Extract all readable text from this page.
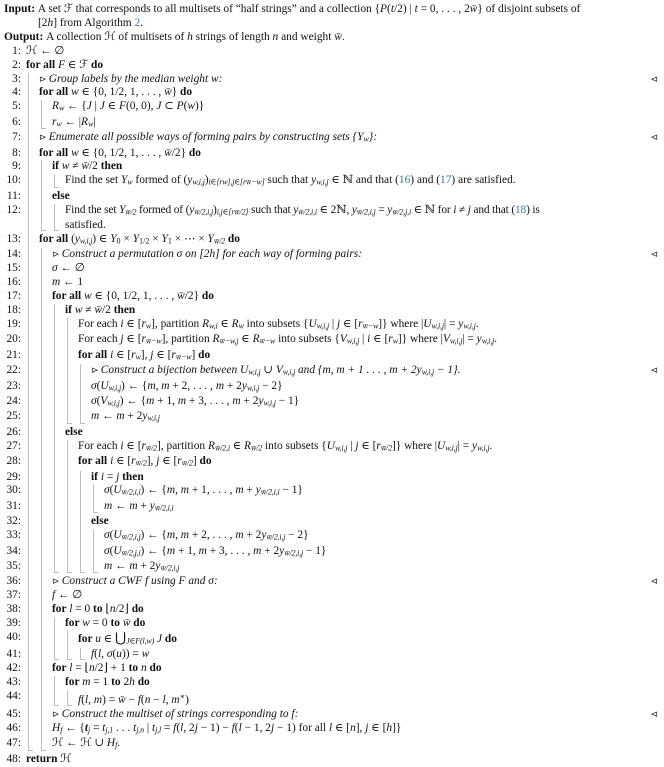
Input: A set ℱ that corresponds to all multisets of “half strings” and a collection {P(t/2) | t = 0, . . . , 2w̄} of disjoint subsets of
[2h] from Algorithm 2.
Output: A collection ℋ of multisets of h strings of length n and weight w̄.
1: ℋ ← ∅
2: for all F ∈ ℱ do
3:	⊳ Group labels by the median weight w:	⊲
4:	for all w ∈ {0, 1/2, 1, . . . , w̄} do
5:	Rw ← {J | J ∈ F(0, 0), J ⊂ P(w)}
6:	rw ← |Rw|
7:	⊳ Enumerate all possible ways of forming pairs by constructing sets {Yw}:	⊲
8:	for all w ∈ {0, 1/2, 1, . . . , w̄/2} do
9:	if w ≠ w̄/2 then
10:	Find the set Yw formed of (yw,i,j)i∈[rw],j∈[rw̄−w] such that yw,i,j ∈ ℕ and that (16) and (17) are satisfied.
11:	else
12:	Find the set Yw̄/2 formed of (yw̄/2,i,j)i,j∈[rw̄/2] such that yw̄/2,i,i ∈ 2ℕ, yw̄/2,i,j = yw̄/2,j,i ∈ ℕ for i ≠ j and that (18) is
satisfied.
13:	for all (yw,i,j) ∈ Y0 × Y1/2 × Y1 × ⋯ × Yw̄/2 do
14:	⊳ Construct a permutation σ on [2h] for each way of forming pairs:	⊲
15:	σ ← ∅
16:	m ← 1
17:	for all w ∈ {0, 1/2, 1, . . . , w̄/2} do
18:	if w ≠ w̄/2 then
19:	For each i ∈ [rw], partition Rw,i ∈ Rw into subsets {Uw,i,j | j ∈ [rw̄−w]} where |Uw,i,j| = yw,i,j.
20:	For each j ∈ [rw̄−w], partition Rw̄−w,j ∈ Rw̄−w into subsets {Vw,i,j | i ∈ [rw]} where |Vw,i,j| = yw,i,j.
21:	for all i ∈ [rw], j ∈ [rw̄−w] do
22:	⊳ Construct a bijection between Uw,i,j ∪ Vw,i,j and {m, m + 1 . . . , m + 2yw,i,j − 1}.	⊲
23:	σ(Uw,i,j) ← {m, m + 2, . . . , m + 2yw,i,j − 2}
24:	σ(Vw,i,j) ← {m + 1, m + 3, . . . , m + 2yw,i,j − 1}
25:	m ← m + 2yw,i,j
26:	else
27:	For each i ∈ [rw̄/2], partition Rw̄/2,i ∈ Rw̄/2 into subsets {Uw,i,j | j ∈ [rw̄/2]} where |Uw,i,j| = yw,i,j.
28:	for all i ∈ [rw̄/2], j ∈ [rw̄/2] do
29:	if i = j then
30:	σ(Uw̄/2,i,i) ← {m, m + 1, . . . , m + yw̄/2,i,i − 1}
31:	m ← m + yw̄/2,i,i
32:	else
33:	σ(Uw̄/2,i,j) ← {m, m + 2, . . . , m + 2yw̄/2,i,j − 2}
34:	σ(Uw̄/2,j,i) ← {m + 1, m + 3, . . . , m + 2yw̄/2,i,j − 1}
35:	m ← m + 2yw̄/2,i,j
36:	⊳ Construct a CWF f using F and σ:	⊲
37:	f ← ∅
38:	for l = 0 to ⌊n/2⌋ do
39:	for w = 0 to w̄ do
40:	for u ∈ ⋃J∈F(l,w) J do
41:	f(l, σ(u)) = w
42:	for l = ⌊n/2⌋ + 1 to n do
43:	for m = 1 to 2h do
44:	f(l, m) = w̄ − f(n − l, m∗)
45:	⊳ Construct the multiset of strings corresponding to f:	⊲
46:	Hf ← {tj = tj,1 . . . tj,n | tj,l = f(l, 2j − 1) − f(l − 1, 2j − 1) for all l ∈ [n], j ∈ [h]}
47:	ℋ ← ℋ ∪ Hf.
48: return ℋ
